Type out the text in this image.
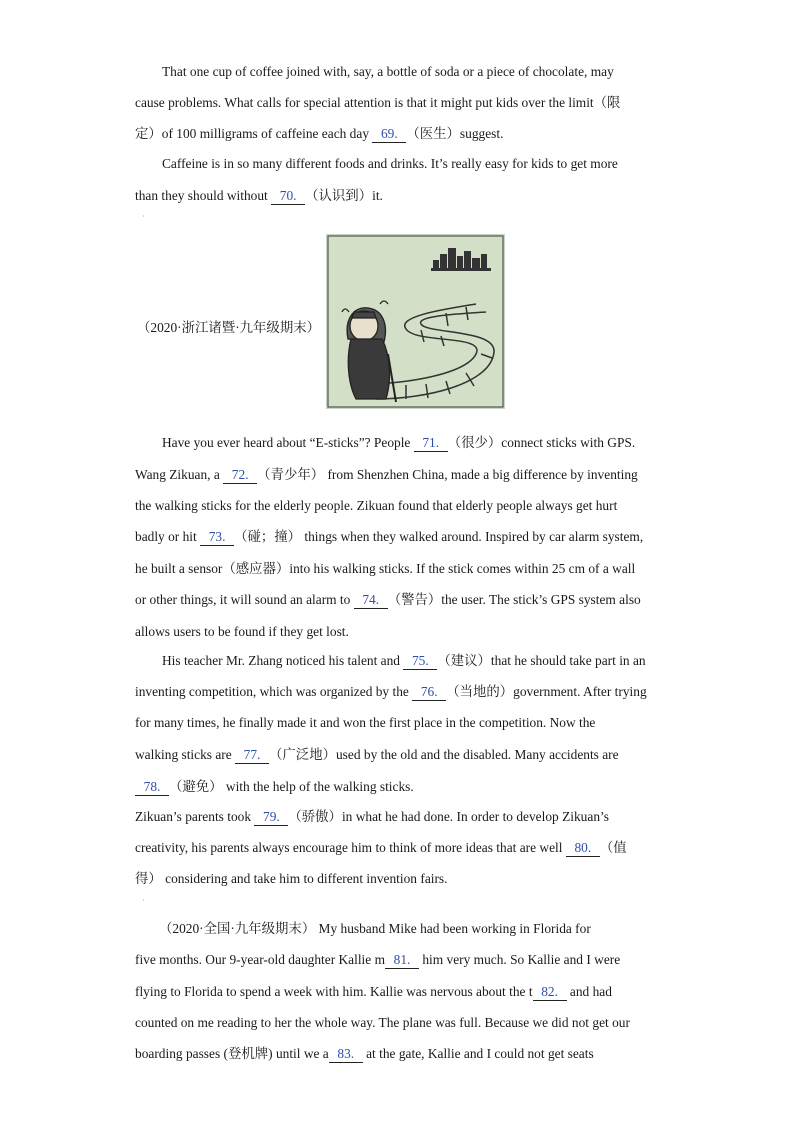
That one cup of coffee joined with, say, a bottle of soda or a piece of chocolate, may
cause problems. What calls for special attention is that it might put kids over the limit（限
定）of 100 milligrams of caffeine each day 69. （医生）suggest.
Caffeine is in so many different foods and drinks. It’s really easy for kids to get more
than they should without 70. （认识到）it.
·
（2020·浙江诸暨·九年级期末）
Have you ever heard about “E-sticks”? People 71. （很少）connect sticks with GPS.
Wang Zikuan, a 72. （青少年） from Shenzhen China, made a big difference by inventing
the walking sticks for the elderly people. Zikuan found that elderly people always get hurt
badly or hit 73. （碰；撞） things when they walked around. Inspired by car alarm system,
he built a sensor（感应器）into his walking sticks. If the stick comes within 25 cm of a wall
or other things, it will sound an alarm to 74. （警告）the user. The stick’s GPS system also
allows users to be found if they get lost.
His teacher Mr. Zhang noticed his talent and 75. （建议）that he should take part in an
inventing competition, which was organized by the 76. （当地的）government. After trying
for many times, he finally made it and won the first place in the competition. Now the
walking sticks are 77. （广泛地）used by the old and the disabled. Many accidents are
78. （避免） with the help of the walking sticks.
Zikuan’s parents took 79. （骄傲）in what he had done. In order to develop Zikuan’s
creativity, his parents always encourage him to think of more ideas that are well 80. （值
得） considering and take him to different invention fairs.
·
（2020·全国·九年级期末） My husband Mike had been working in Florida for
five months. Our 9-year-old daughter Kallie m 81. him very much. So Kallie and I were
flying to Florida to spend a week with him. Kallie was nervous about the t 82. and had
counted on me reading to her the whole way. The plane was full. Because we did not get our
boarding passes (登机牌) until we a 83. at the gate, Kallie and I could not get seats
